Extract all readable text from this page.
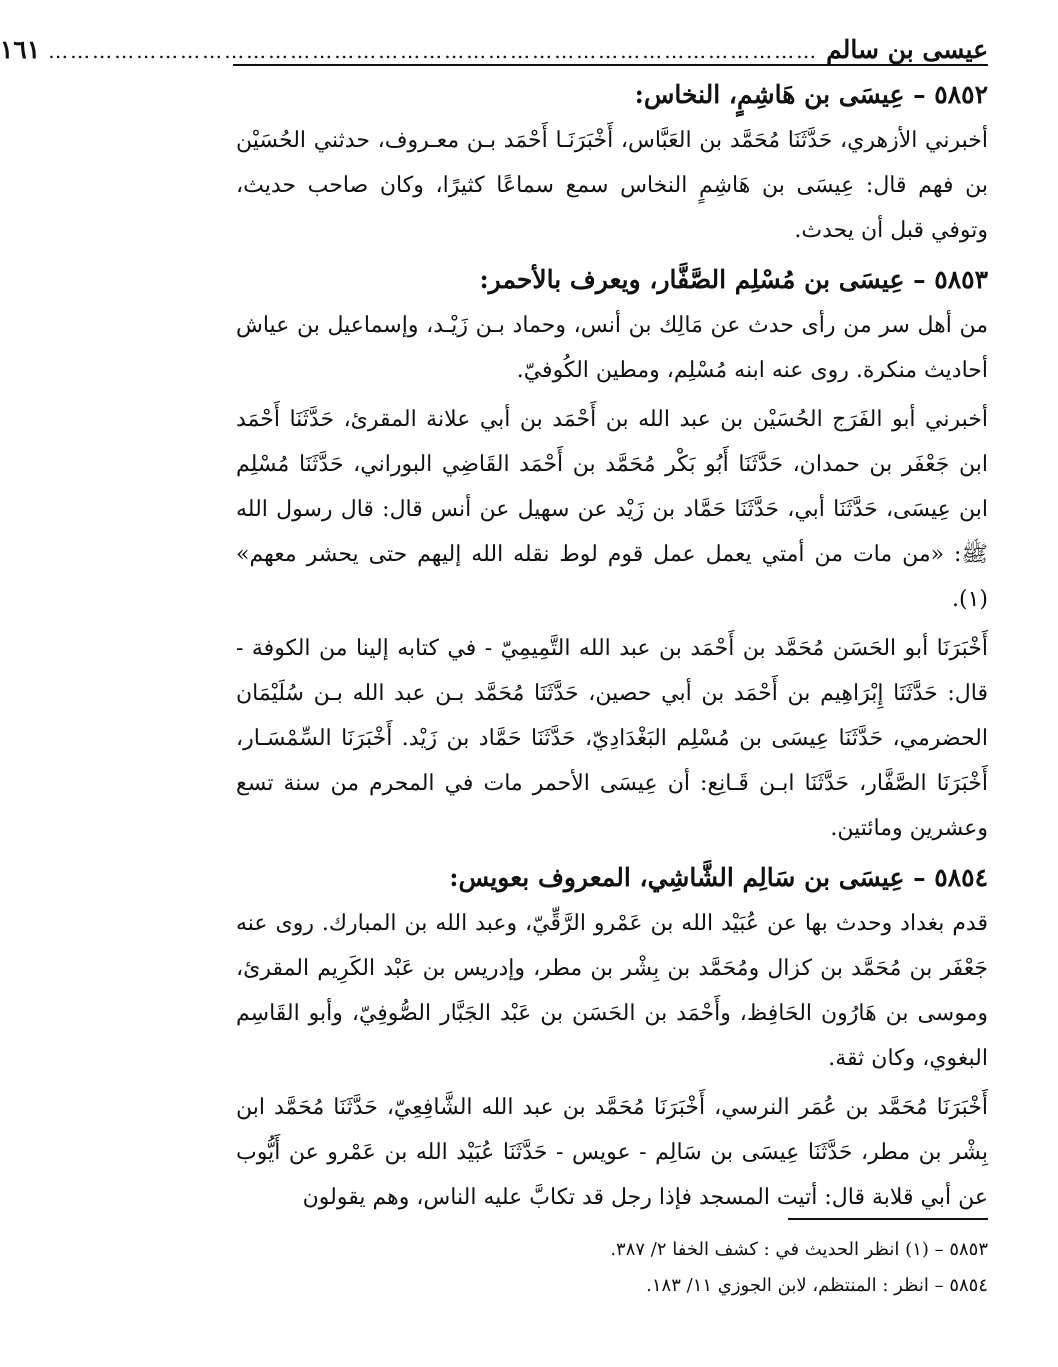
عيسى بن سالم
……………………………………………………………………………………………
١٦١
٥٨٥٢ – عِيسَى بن هَاشِمٍ، النخاس:

أخبرني الأزهري، حَدَّثَنَا مُحَمَّد بن العَبَّاس، أَخْبَرَنَـا أَحْمَد بـن معـروف، حدثني الحُسَيْن بن فهم قال: عِيسَى بن هَاشِمٍ النخاس سمع سماعًا كثيرًا، وكان صاحب حديث، وتوفي قبل أن يحدث.

٥٨٥٣ – عِيسَى بن مُسْلِم الصَّفَّار، ويعرف بالأحمر:

من أهل سر من رأى حدث عن مَالِك بن أنس، وحماد بـن زَيْـد، وإسماعيل بن عياش أحاديث منكرة. روى عنه ابنه مُسْلِم، ومطين الكُوفيّ.

أخبرني أبو الفَرَج الحُسَيْن بن عبد الله بن أَحْمَد بن أبي علانة المقرئ، حَدَّثَنَا أَحْمَد ابن جَعْفَر بن حمدان، حَدَّثَنَا أَبُو بَكْر مُحَمَّد بن أَحْمَد القَاضِي البوراني، حَدَّثَنَا مُسْلِم ابن عِيسَى، حَدَّثَنَا أبي، حَدَّثَنَا حَمَّاد بن زَيْد عن سهيل عن أنس قال: قال رسول الله ﷺ: «من مات من أمتي يعمل عمل قوم لوط نقله الله إليهم حتى يحشر معهم» (١).

أَخْبَرَنَا أبو الحَسَن مُحَمَّد بن أَحْمَد بن عبد الله التَّمِيمِيّ - في كتابه إلينا من الكوفة - قال: حَدَّثَنَا إِبْرَاهِيم بن أَحْمَد بن أبي حصين، حَدَّثَنَا مُحَمَّد بـن عبد الله بـن سُلَيْمَان الحضرمي، حَدَّثَنَا عِيسَى بن مُسْلِم البَغْدَادِيّ، حَدَّثَنَا حَمَّاد بن زَيْد. أَخْبَرَنَا السِّمْسَـار، أَخْبَرَنَا الصَّفَّار، حَدَّثَنَا ابـن قَـانِع: أن عِيسَى الأحمر مات في المحرم من سنة تسع وعشرين ومائتين.

٥٨٥٤ – عِيسَى بن سَالِم الشَّاشِي، المعروف بعويس:

قدم بغداد وحدث بها عن عُبَيْد الله بن عَمْرو الرَّقِّيّ، وعبد الله بن المبارك. روى عنه جَعْفَر بن مُحَمَّد بن كزال ومُحَمَّد بن بِشْر بن مطر، وإدريس بن عَبْد الكَرِيم المقرئ، وموسى بن هَارُون الحَافِظ، وأَحْمَد بن الحَسَن بن عَبْد الجَبَّار الصُّوفِيّ، وأبو القَاسِم البغوي، وكان ثقة.

أَخْبَرَنَا مُحَمَّد بن عُمَر النرسي، أَخْبَرَنَا مُحَمَّد بن عبد الله الشَّافِعِيّ، حَدَّثَنَا مُحَمَّد ابن بِشْر بن مطر، حَدَّثَنَا عِيسَى بن سَالِم - عويس - حَدَّثَنَا عُبَيْد الله بن عَمْرو عن أَيُّوب عن أبي قلابة قال: أتيت المسجد فإذا رجل قد تكابَّ عليه الناس، وهم يقولون

٥٨٥٣ – (١) انظر الحديث في : كشف الخفا ٢/ ٣٨٧.
٥٨٥٤ – انظر : المنتظم، لابن الجوزي ١١/ ١٨٣.
